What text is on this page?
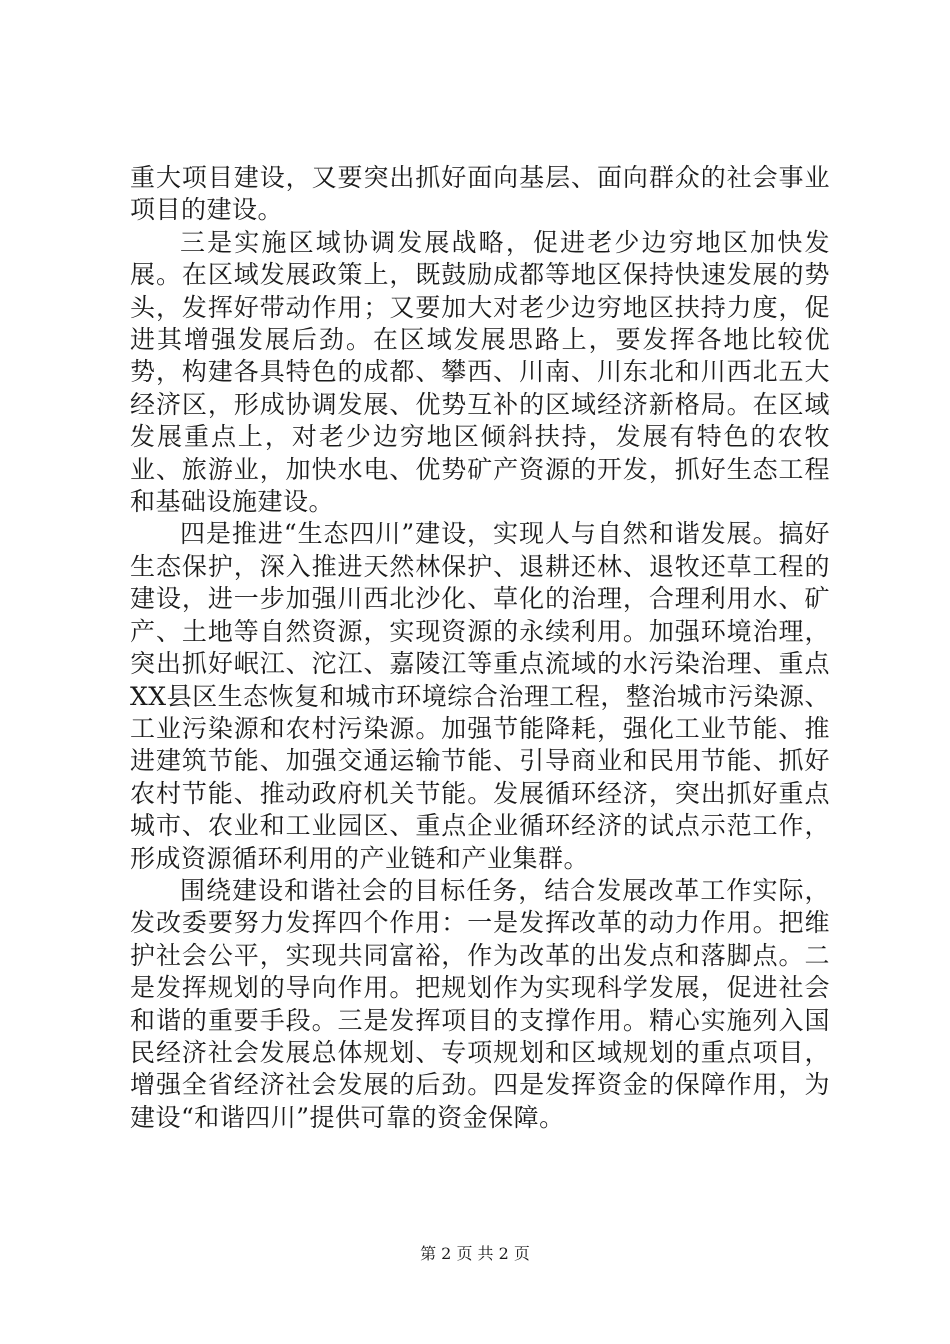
重大项目建设，又要突出抓好面向基层、面向群众的社会事业项目的建设。

三是实施区域协调发展战略，促进老少边穷地区加快发展。在区域发展政策上，既鼓励成都等地区保持快速发展的势头，发挥好带动作用；又要加大对老少边穷地区扶持力度，促进其增强发展后劲。在区域发展思路上，要发挥各地比较优势，构建各具特色的成都、攀西、川南、川东北和川西北五大经济区，形成协调发展、优势互补的区域经济新格局。在区域发展重点上，对老少边穷地区倾斜扶持，发展有特色的农牧业、旅游业，加快水电、优势矿产资源的开发，抓好生态工程和基础设施建设。

四是推进“生态四川”建设，实现人与自然和谐发展。搞好生态保护，深入推进天然林保护、退耕还林、退牧还草工程的建设，进一步加强川西北沙化、草化的治理，合理利用水、矿产、土地等自然资源，实现资源的永续利用。加强环境治理，突出抓好岷江、沱江、嘉陵江等重点流域的水污染治理、重点XX县区生态恢复和城市环境综合治理工程，整治城市污染源、工业污染源和农村污染源。加强节能降耗，强化工业节能、推进建筑节能、加强交通运输节能、引导商业和民用节能、抓好农村节能、推动政府机关节能。发展循环经济，突出抓好重点城市、农业和工业园区、重点企业循环经济的试点示范工作，形成资源循环利用的产业链和产业集群。

围绕建设和谐社会的目标任务，结合发展改革工作实际，发改委要努力发挥四个作用：一是发挥改革的动力作用。把维护社会公平，实现共同富裕，作为改革的出发点和落脚点。二是发挥规划的导向作用。把规划作为实现科学发展，促进社会和谐的重要手段。三是发挥项目的支撑作用。精心实施列入国民经济社会发展总体规划、专项规划和区域规划的重点项目，增强全省经济社会发展的后劲。四是发挥资金的保障作用，为建设“和谐四川”提供可靠的资金保障。

第 2 页 共 2 页
